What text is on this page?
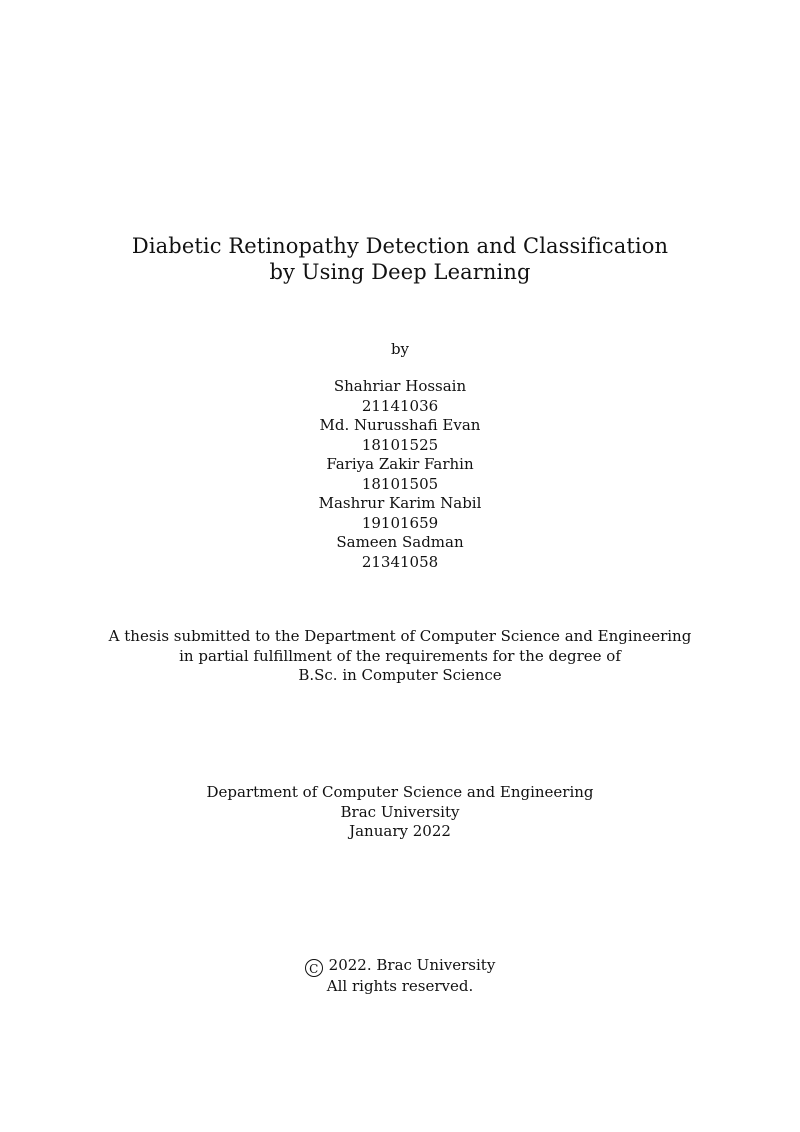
Diabetic Retinopathy Detection and Classification
by Using Deep Learning
by
Shahriar Hossain
21141036
Md. Nurusshafi Evan
18101525
Fariya Zakir Farhin
18101505
Mashrur Karim Nabil
19101659
Sameen Sadman
21341058
A thesis submitted to the Department of Computer Science and Engineering
in partial fulfillment of the requirements for the degree of
B.Sc. in Computer Science
Department of Computer Science and Engineering
Brac University
January 2022
C 2022. Brac University
All rights reserved.
